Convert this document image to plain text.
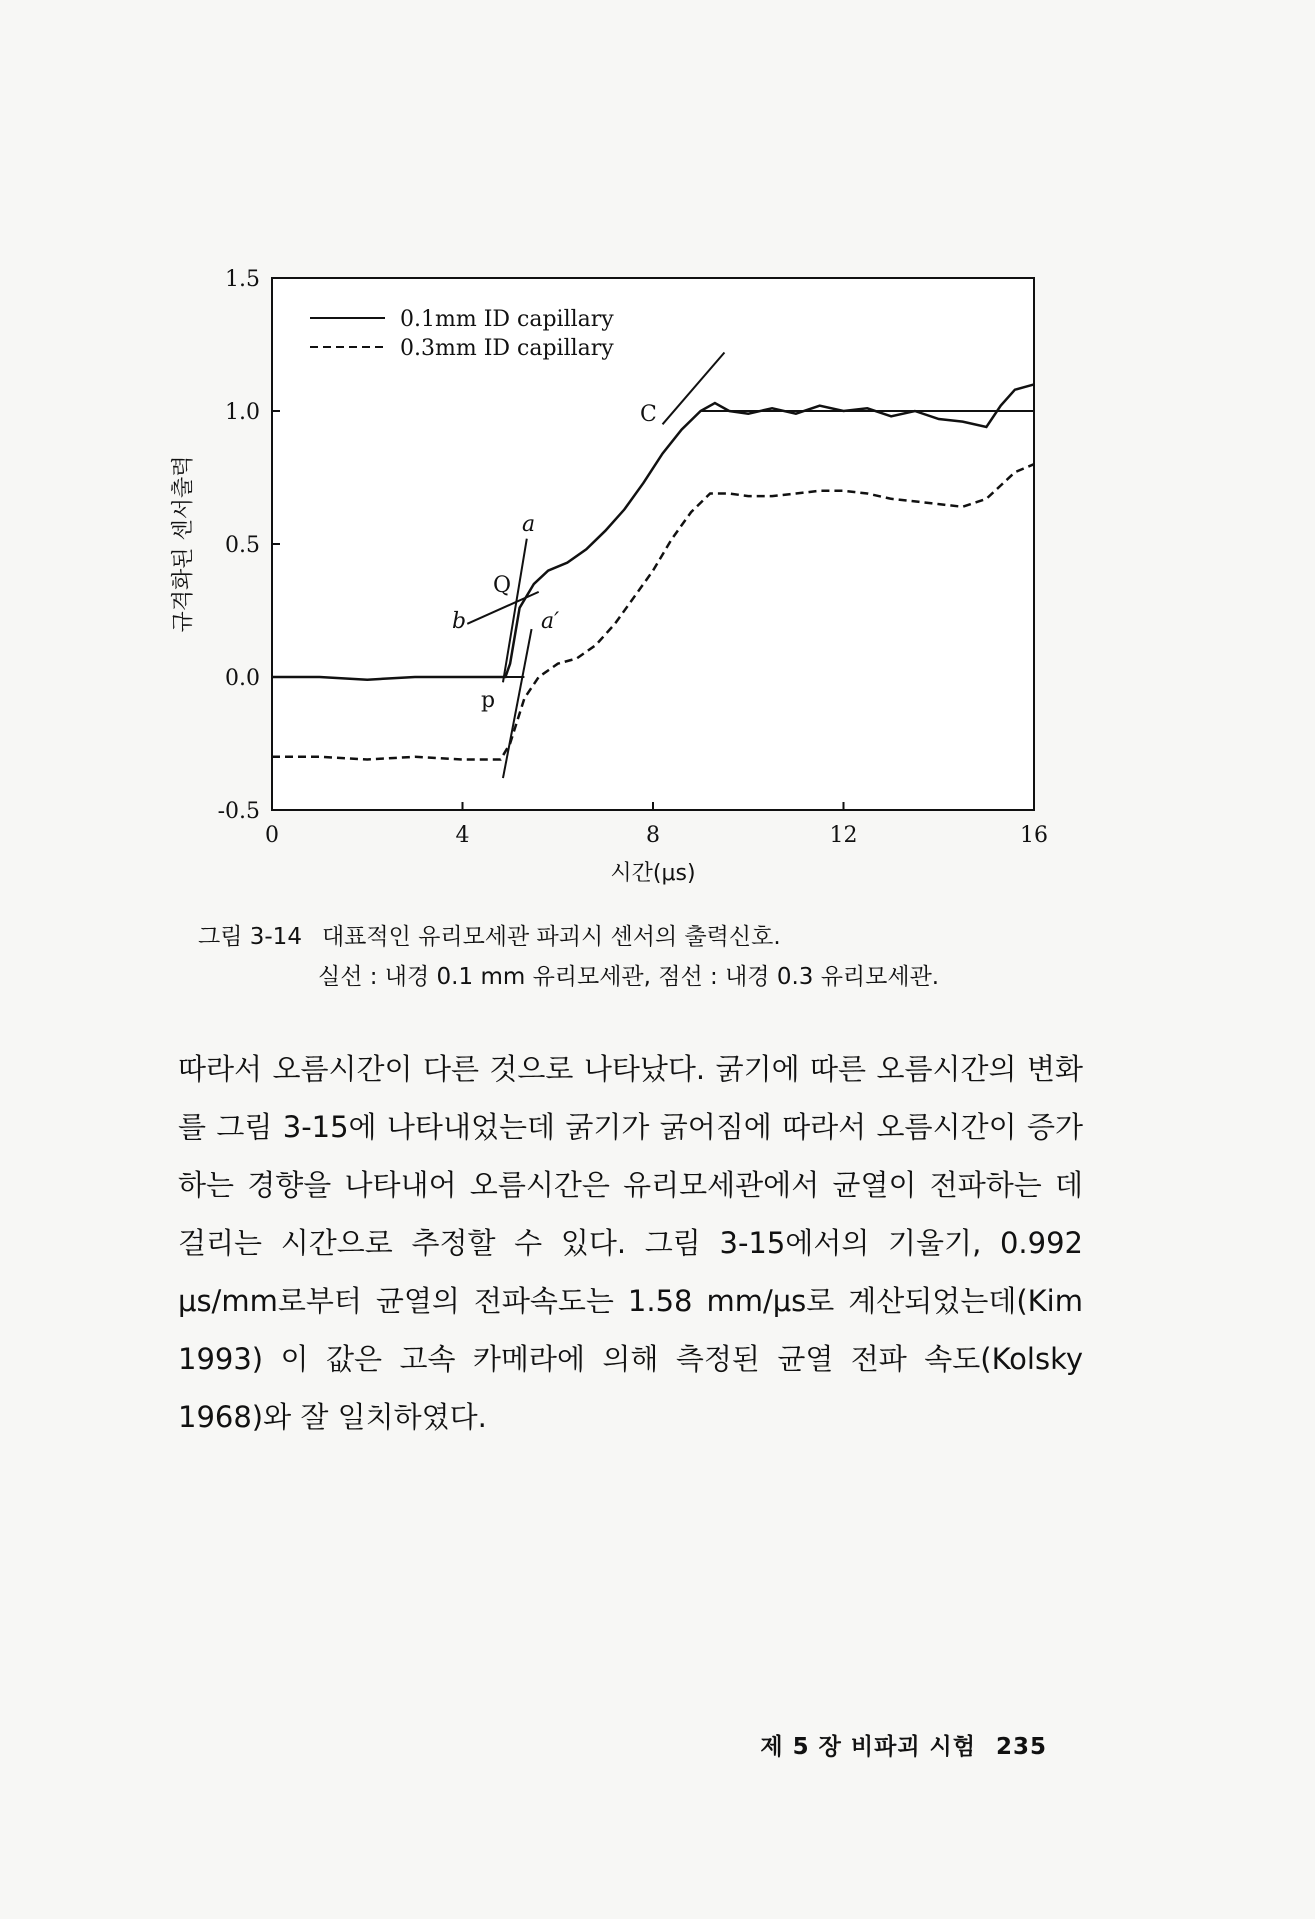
0	4	8	12	16
-0.5
0.0
0.5
1.0
1.5
0.1mm ID capillary
0.3mm ID capillary
a
a′
b
C
Q
p
시간(μs)
규격화된 센서출력
그림 3-14 대표적인 유리모세관 파괴시 센서의 출력신호.
실선 : 내경 0.1 mm 유리모세관, 점선 : 내경 0.3 유리모세관.

따라서 오름시간이 다른 것으로 나타났다. 굵기에 따른 오름시간의 변화를 그림 3-15에 나타내었는데 굵기가 굵어짐에 따라서 오름시간이 증가하는 경향을 나타내어 오름시간은 유리모세관에서 균열이 전파하는 데 걸리는 시간으로 추정할 수 있다. 그림 3-15에서의 기울기, 0.992 μs/mm로부터 균열의 전파속도는 1.58 mm/μs로 계산되었는데(Kim 1993) 이 값은 고속 카메라에 의해 측정된 균열 전파 속도(Kolsky 1968)와 잘 일치하였다.

제 5 장 비파괴 시험 235
